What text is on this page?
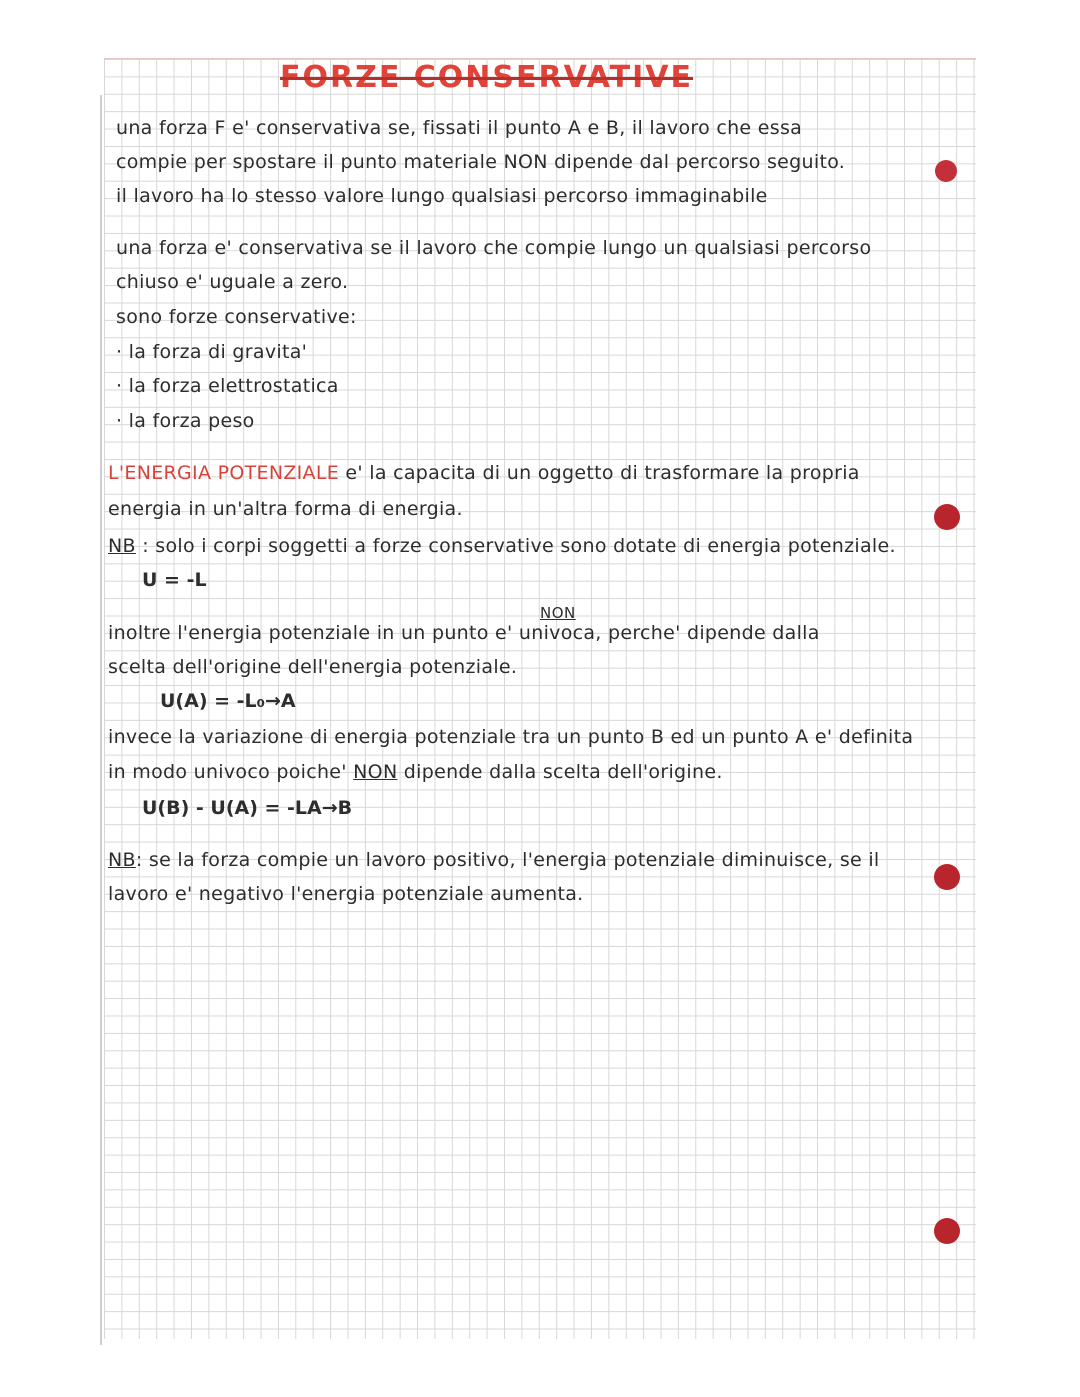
FORZE CONSERVATIVE

una forza F e' conservativa se, fissati il punto A e B, il lavoro che essa

compie per spostare il punto materiale NON dipende dal percorso seguito.

il lavoro ha lo stesso valore lungo qualsiasi percorso immaginabile

una forza e' conservativa se il lavoro che compie lungo un qualsiasi percorso

chiuso e' uguale a zero.

sono forze conservative:

· la forza di gravita'

· la forza elettrostatica

· la forza peso

L'ENERGIA POTENZIALE e' la capacita di un oggetto di trasformare la propria

energia in un'altra forma di energia.

NB : solo i corpi soggetti a forze conservative sono dotate di energia potenziale.

U = -L

NON

inoltre l'energia potenziale in un punto e' univoca, perche' dipende dalla

scelta dell'origine dell'energia potenziale.

U(A) = -L₀→A

invece la variazione di energia potenziale tra un punto B ed un punto A e' definita

in modo univoco poiche' NON dipende dalla scelta dell'origine.

U(B) - U(A) = -LA→B

NB: se la forza compie un lavoro positivo, l'energia potenziale diminuisce, se il

lavoro e' negativo l'energia potenziale aumenta.
